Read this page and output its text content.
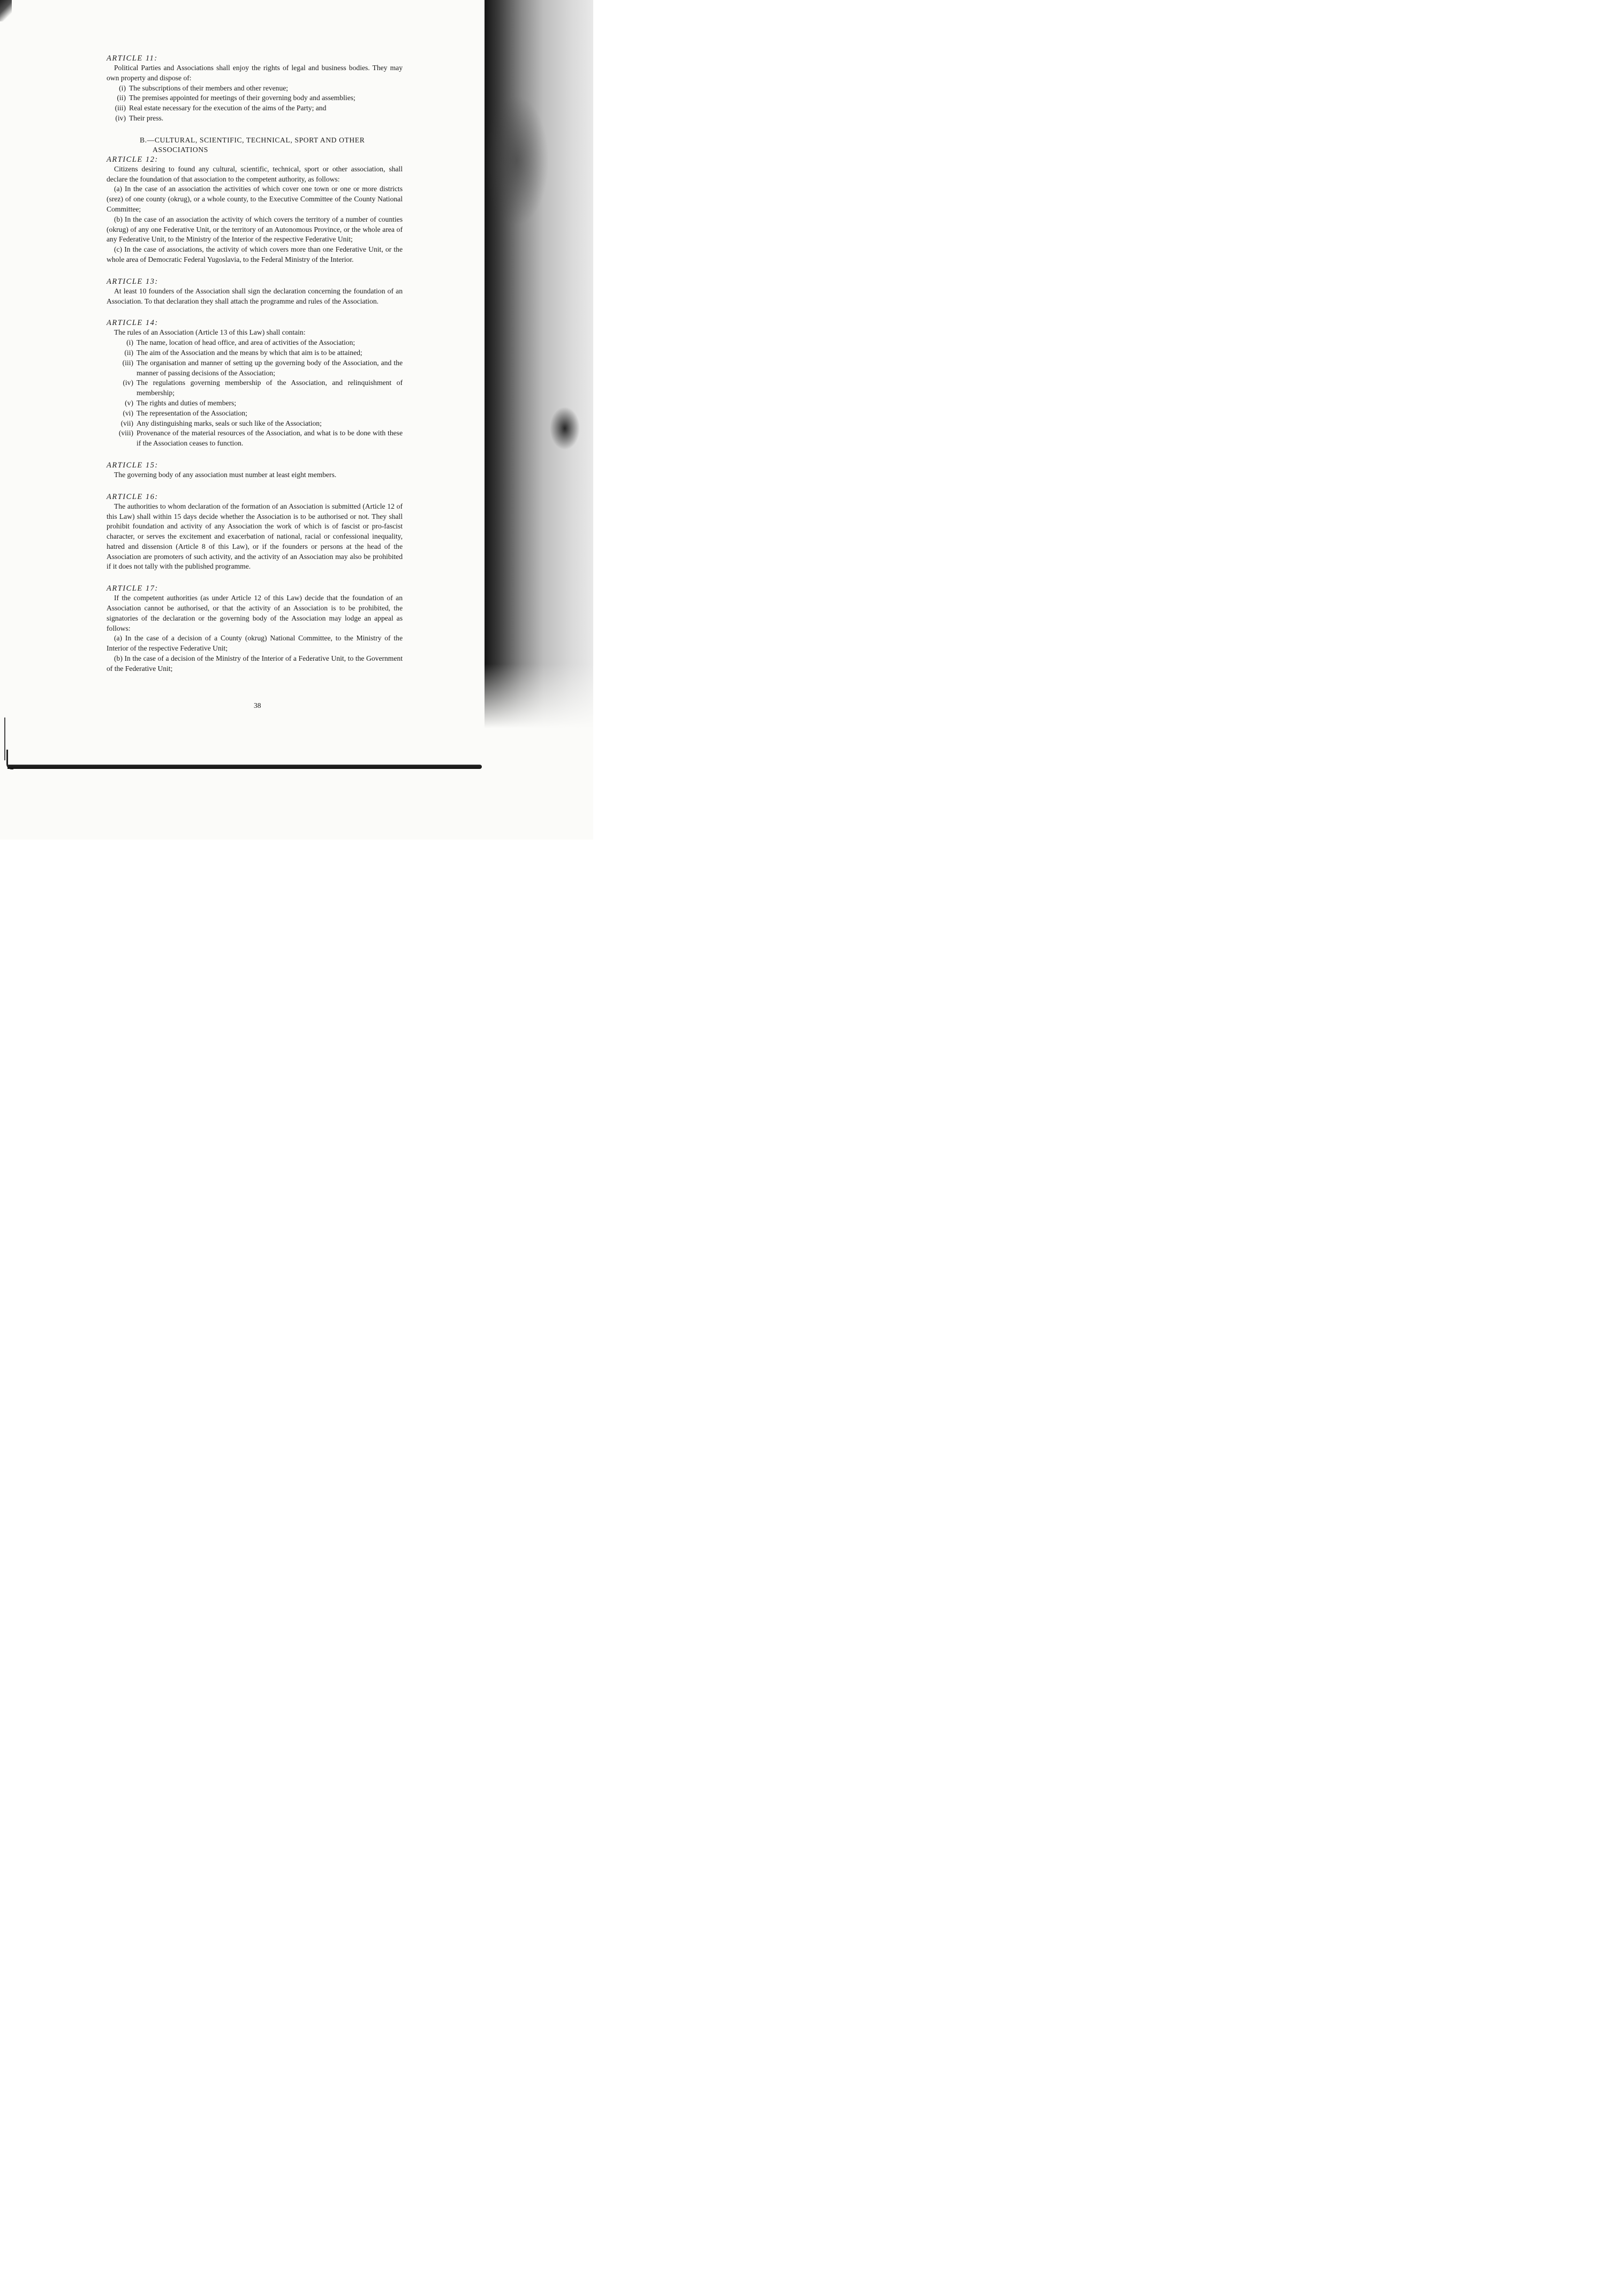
ARTICLE 11:

Political Parties and Associations shall enjoy the rights of legal and business bodies. They may own property and dispose of:

(i) The subscriptions of their members and other revenue;
(ii) The premises appointed for meetings of their governing body and assemblies;
(iii) Real estate necessary for the execution of the aims of the Party; and
(iv) Their press.

B.—CULTURAL, SCIENTIFIC, TECHNICAL, SPORT AND OTHER
ASSOCIATIONS

ARTICLE 12:

Citizens desiring to found any cultural, scientific, technical, sport or other association, shall declare the foundation of that association to the competent authority, as follows:

(a) In the case of an association the activities of which cover one town or one or more districts (srez) of one county (okrug), or a whole county, to the Executive Committee of the County National Committee;

(b) In the case of an association the activity of which covers the territory of a number of counties (okrug) of any one Federative Unit, or the territory of an Autonomous Province, or the whole area of any Federative Unit, to the Ministry of the Interior of the respective Federative Unit;

(c) In the case of associations, the activity of which covers more than one Federative Unit, or the whole area of Democratic Federal Yugoslavia, to the Federal Ministry of the Interior.

ARTICLE 13:

At least 10 founders of the Association shall sign the declaration concerning the foundation of an Association. To that declaration they shall attach the programme and rules of the Association.

ARTICLE 14:

The rules of an Association (Article 13 of this Law) shall contain:

(i) The name, location of head office, and area of activities of the Association;
(ii) The aim of the Association and the means by which that aim is to be attained;
(iii) The organisation and manner of setting up the governing body of the Association, and the manner of passing decisions of the Association;
(iv) The regulations governing membership of the Association, and relinquishment of membership;
(v) The rights and duties of members;
(vi) The representation of the Association;
(vii) Any distinguishing marks, seals or such like of the Association;
(viii) Provenance of the material resources of the Association, and what is to be done with these if the Association ceases to function.

ARTICLE 15:

The governing body of any association must number at least eight members.

ARTICLE 16:

The authorities to whom declaration of the formation of an Association is submitted (Article 12 of this Law) shall within 15 days decide whether the Association is to be authorised or not. They shall prohibit foundation and activity of any Association the work of which is of fascist or pro-fascist character, or serves the excitement and exacerbation of national, racial or confessional inequality, hatred and dissension (Article 8 of this Law), or if the founders or persons at the head of the Association are promoters of such activity, and the activity of an Association may also be prohibited if it does not tally with the published programme.

ARTICLE 17:

If the competent authorities (as under Article 12 of this Law) decide that the foundation of an Association cannot be authorised, or that the activity of an Association is to be prohibited, the signatories of the declaration or the governing body of the Association may lodge an appeal as follows:

(a) In the case of a decision of a County (okrug) National Committee, to the Ministry of the Interior of the respective Federative Unit;

(b) In the case of a decision of the Ministry of the Interior of a Federative Unit, to the Government of the Federative Unit;

38
